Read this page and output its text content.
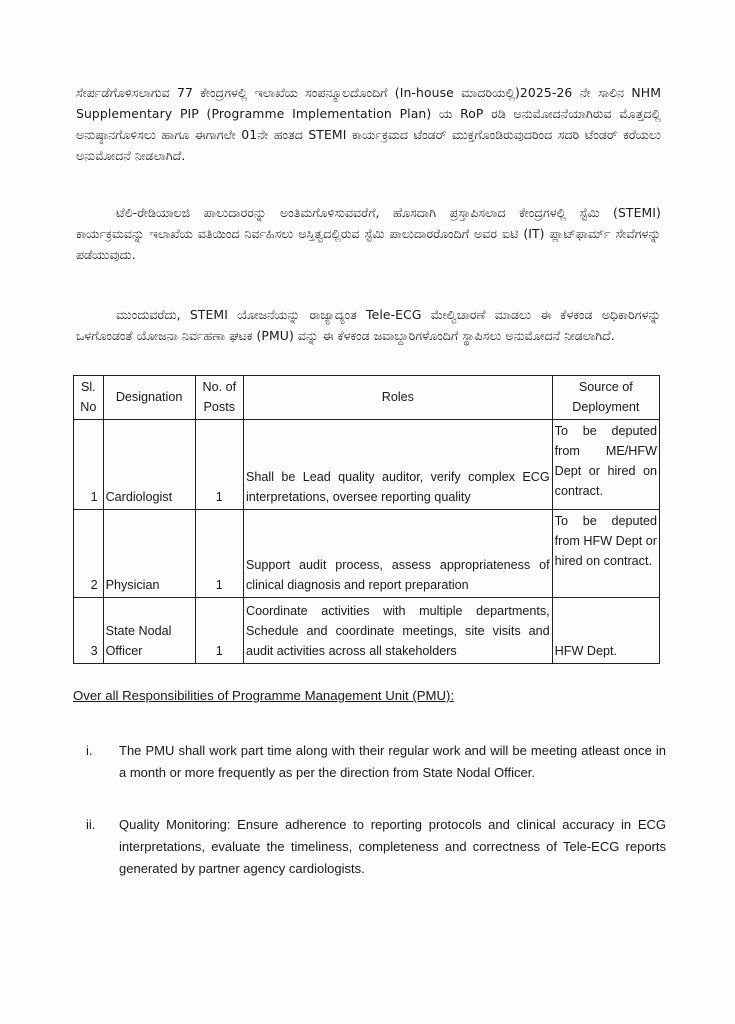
ಸೇರ್ಪಡೆಗೊಳಿಸಲಾಗುವ 77 ಕೇಂದ್ರಗಳಲ್ಲಿ ಇಲಾಖೆಯ ಸಂಪನ್ಮೂಲದೊಂದಿಗೆ (In-house ಮಾದರಿಯಲ್ಲಿ)2025-26 ನೇ ಸಾಲಿನ NHM Supplementary PIP (Programme Implementation Plan) ಯ RoP ರಡಿ ಅನುಮೋದನೆಯಾಗಿರುವ ಮೊತ್ತದಲ್ಲಿ ಅನುಷ್ಠಾನಗೊಳಿಸಲು ಹಾಗೂ ಈಗಾಗಲೇ 01ನೇ ಹಂತದ STEMI ಕಾರ್ಯಕ್ರಮದ ಟೆಂಡರ್ ಮುಕ್ತಗೊಂಡಿರುವುದರಿಂದ ಸದರಿ ಟೆಂಡರ್ ಕರೆಯಲು ಅನುಮೋದನೆ ನೀಡಲಾಗಿದೆ.

ಟೆಲಿ-ರೇಡಿಯಾಲಜಿ ಪಾಲುದಾರರನ್ನು ಅಂತಿಮಗೊಳಿಸುವವರೆಗೆ, ಹೊಸದಾಗಿ ಪ್ರಸ್ತಾಪಿಸಲಾದ ಕೇಂದ್ರಗಳಲ್ಲಿ ಸ್ಟೆಮಿ (STEMI) ಕಾರ್ಯಕ್ರಮವನ್ನು ಇಲಾಖೆಯ ವತಿಯಿಂದ ನಿರ್ವಹಿಸಲು ಅಸ್ತಿತ್ವದಲ್ಲಿರುವ ಸ್ಟೆಮಿ ಪಾಲುದಾರರೊಂದಿಗೆ ಅವರ ಐಟಿ (IT) ಪ್ಲಾಟ್‌ಫಾರ್ಮ್ ಸೇವೆಗಳನ್ನು ಪಡೆಯುವುದು.

ಮುಂದುವರೆದು, STEMI ಯೋಜನೆಯನ್ನು ರಾಜ್ಯಾದ್ಯಂತ Tele-ECG ಮೇಲ್ವಿಚಾರಣೆ ಮಾಡಲು ಈ ಕೆಳಕಂಡ ಅಧಿಕಾರಿಗಳನ್ನು ಒಳಗೊಂಡಂತೆ ಯೋಜನಾ ನಿರ್ವಹಣಾ ಘಟಕ (PMU) ವನ್ನು ಈ ಕೆಳಕಂಡ ಜವಾಬ್ದಾರಿಗಳೊಂದಿಗೆ ಸ್ಥಾಪಿಸಲು ಅನುಮೋದನೆ ನೀಡಲಾಗಿದೆ.

Sl. No	Designation	No. of Posts	Roles	Source of Deployment
1	Cardiologist	1	Shall be Lead quality auditor, verify complex ECG interpretations, oversee reporting quality	To be deputed from ME/HFW Dept or hired on contract.
2	Physician	1	Support audit process, assess appropriateness of clinical diagnosis and report preparation	To be deputed from HFW Dept or hired on contract.
3	State Nodal Officer	1	Coordinate activities with multiple departments, Schedule and coordinate meetings, site visits and audit activities across all stakeholders	HFW Dept.
Over all Responsibilities of Programme Management Unit (PMU):
i.	The PMU shall work part time along with their regular work and will be meeting atleast once in a month or more frequently as per the direction from State Nodal Officer.
ii.	Quality Monitoring: Ensure adherence to reporting protocols and clinical accuracy in ECG interpretations, evaluate the timeliness, completeness and correctness of Tele-ECG reports generated by partner agency cardiologists.
